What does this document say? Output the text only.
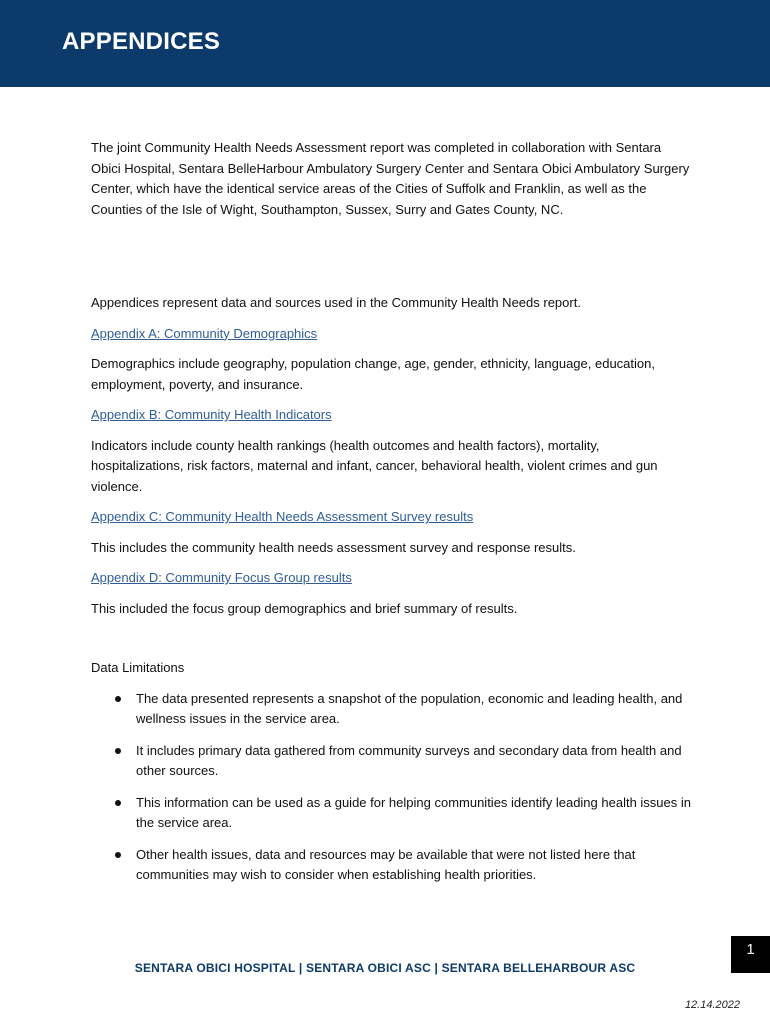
APPENDICES

The joint Community Health Needs Assessment report was completed in collaboration with Sentara Obici Hospital, Sentara BelleHarbour Ambulatory Surgery Center and Sentara Obici Ambulatory Surgery Center, which have the identical service areas of the Cities of Suffolk and Franklin, as well as the Counties of the Isle of Wight, Southampton, Sussex, Surry and Gates County, NC.

Appendices represent data and sources used in the Community Health Needs report.

Appendix A: Community Demographics

Demographics include geography, population change, age, gender, ethnicity, language, education, employment, poverty, and insurance.

Appendix B: Community Health Indicators

Indicators include county health rankings (health outcomes and health factors), mortality, hospitalizations, risk factors, maternal and infant, cancer, behavioral health, violent crimes and gun violence.

Appendix C: Community Health Needs Assessment Survey results

This includes the community health needs assessment survey and response results.

Appendix D: Community Focus Group results

This included the focus group demographics and brief summary of results.

Data Limitations

The data presented represents a snapshot of the population, economic and leading health, and wellness issues in the service area.
It includes primary data gathered from community surveys and secondary data from health and other sources.
This information can be used as a guide for helping communities identify leading health issues in the service area.
Other health issues, data and resources may be available that were not listed here that communities may wish to consider when establishing health priorities.
1
SENTARA OBICI HOSPITAL | SENTARA OBICI ASC | SENTARA BELLEHARBOUR ASC
12.14.2022
